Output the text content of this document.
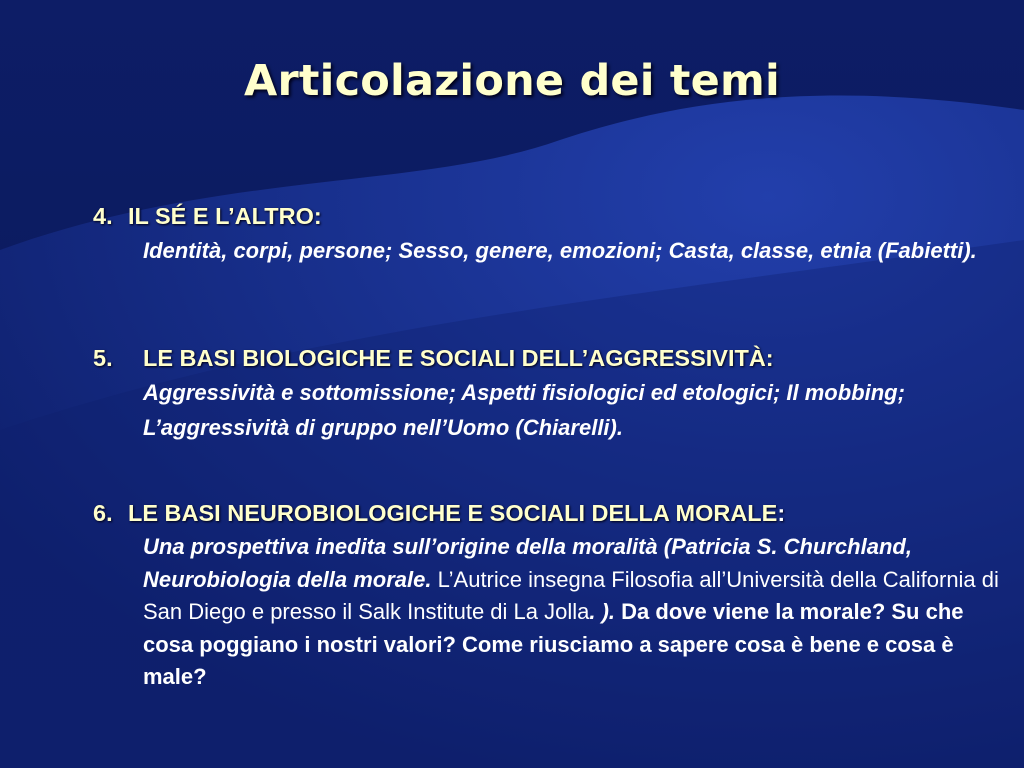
Articolazione dei temi
4. IL SÉ E L’ALTRO:
Identità, corpi, persone; Sesso, genere, emozioni; Casta, classe, etnia (Fabietti).
5.	LE BASI BIOLOGICHE E SOCIALI DELL’AGGRESSIVITÀ:
Aggressività e sottomissione; Aspetti fisiologici ed etologici; Il mobbing; L’aggressività di gruppo nell’Uomo (Chiarelli).
6. LE BASI NEUROBIOLOGICHE E SOCIALI DELLA MORALE :
Una prospettiva inedita sull’origine della moralità (Patricia S. Churchland, Neurobiologia della morale. L’Autrice insegna Filosofia all’Università della California di San Diego e presso il Salk Institute di La Jolla. ). Da dove viene la morale? Su che cosa poggiano i nostri valori? Come riusciamo a sapere cosa è bene e cosa è male?
